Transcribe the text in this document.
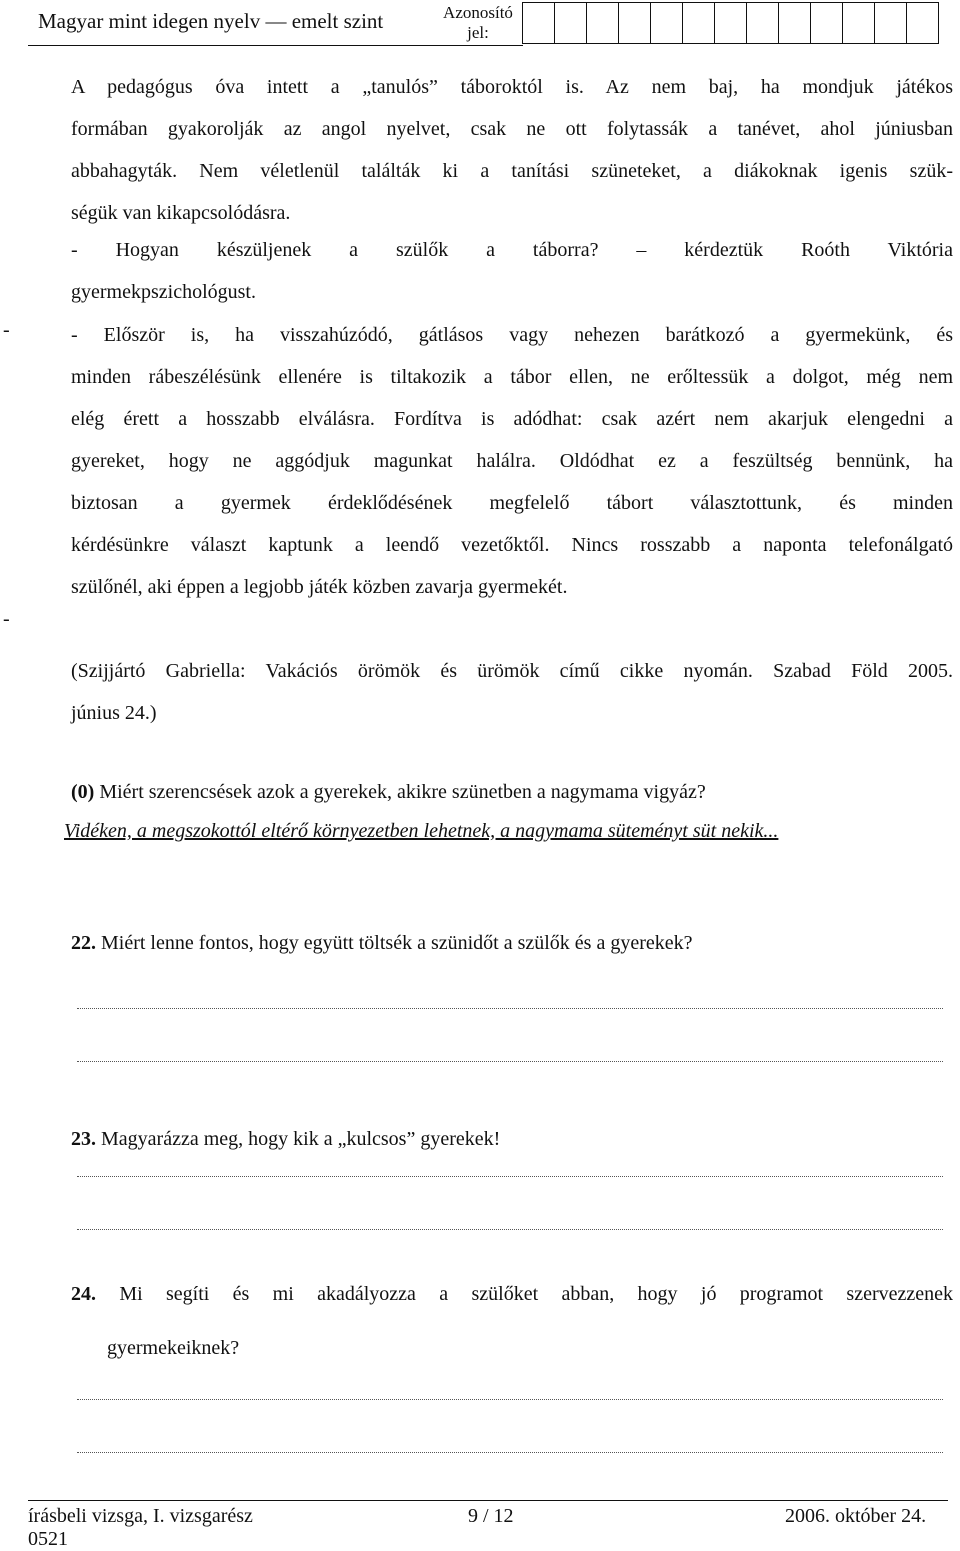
Magyar mint idegen nyelv — emelt szint	Azonosító
jel:
A pedagógus óva intett a „tanulós” táboroktól is. Az nem baj, ha mondjuk játékos
formában gyakorolják az angol nyelvet, csak ne ott folytassák a tanévet, ahol júniusban
abbahagyták. Nem véletlenül találták ki a tanítási szüneteket, a diákoknak igenis szük-
ségük van kikapcsolódásra.
- Hogyan készüljenek a szülők a táborra? – kérdeztük Roóth Viktória
gyermekpszichológust.
-
-
- Először is, ha visszahúzódó, gátlásos vagy nehezen barátkozó a gyermekünk, és
minden rábeszélésünk ellenére is tiltakozik a tábor ellen, ne erőltessük a dolgot, még nem
elég érett a hosszabb elválásra. Fordítva is adódhat: csak azért nem akarjuk elengedni a
gyereket, hogy ne aggódjuk magunkat halálra. Oldódhat ez a feszültség bennünk, ha
biztosan a gyermek érdeklődésének megfelelő tábort választottunk, és minden
kérdésünkre választ kaptunk a leendő vezetőktől. Nincs rosszabb a naponta telefonálgató
szülőnél, aki éppen a legjobb játék közben zavarja gyermekét.
(Szijjártó Gabriella: Vakációs örömök és ürömök című cikke nyomán. Szabad Föld 2005.
június 24.)
(0) Miért szerencsések azok a gyerekek, akikre szünetben a nagymama vigyáz?
Vidéken, a megszokottól eltérő környezetben lehetnek, a nagymama süteményt süt nekik...
22. Miért lenne fontos, hogy együtt töltsék a szünidőt a szülők és a gyerekek?
23. Magyarázza meg, hogy kik a „kulcsos” gyerekek!
24. Mi segíti és mi akadályozza a szülőket abban, hogy jó programot szervezzenek
gyermekeiknek?
írásbeli vizsga, I. vizsgarész	9 / 12	2006. október 24.
0521
